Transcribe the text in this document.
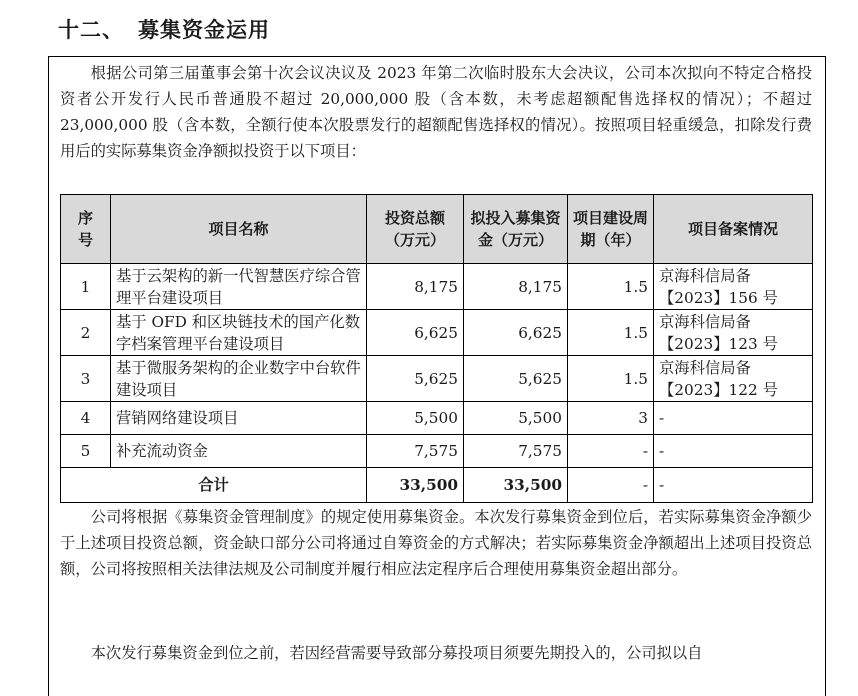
十二、 募集资金运用

根据公司第三届董事会第十次会议决议及 2023 年第二次临时股东大会决议，公司本次拟向不特定合格投资者公开发行人民币普通股不超过 20,000,000 股（含本数，未考虑超额配售选择权的情况）；不超过 23,000,000 股（含本数，全额行使本次股票发行的超额配售选择权的情况）。按照项目轻重缓急，扣除发行费用后的实际募集资金净额拟投资于以下项目：

序号	项目名称	投资总额（万元）	拟投入募集资金（万元）	项目建设周期（年）	项目备案情况
1	基于云架构的新一代智慧医疗综合管理平台建设项目	8,175	8,175	1.5	京海科信局备【2023】156 号
2	基于 OFD 和区块链技术的国产化数字档案管理平台建设项目	6,625	6,625	1.5	京海科信局备【2023】123 号
3	基于微服务架构的企业数字中台软件建设项目	5,625	5,625	1.5	京海科信局备【2023】122 号
4	营销网络建设项目	5,500	5,500	3	-
5	补充流动资金	7,575	7,575	-	-
合计		33,500	33,500	-	-

公司将根据《募集资金管理制度》的规定使用募集资金。本次发行募集资金到位后，若实际募集资金净额少于上述项目投资总额，资金缺口部分公司将通过自筹资金的方式解决；若实际募集资金净额超出上述项目投资总额，公司将按照相关法律法规及公司制度并履行相应法定程序后合理使用募集资金超出部分。

本次发行募集资金到位之前，若因经营需要导致部分募投项目须要先期投入的，公司拟以自
